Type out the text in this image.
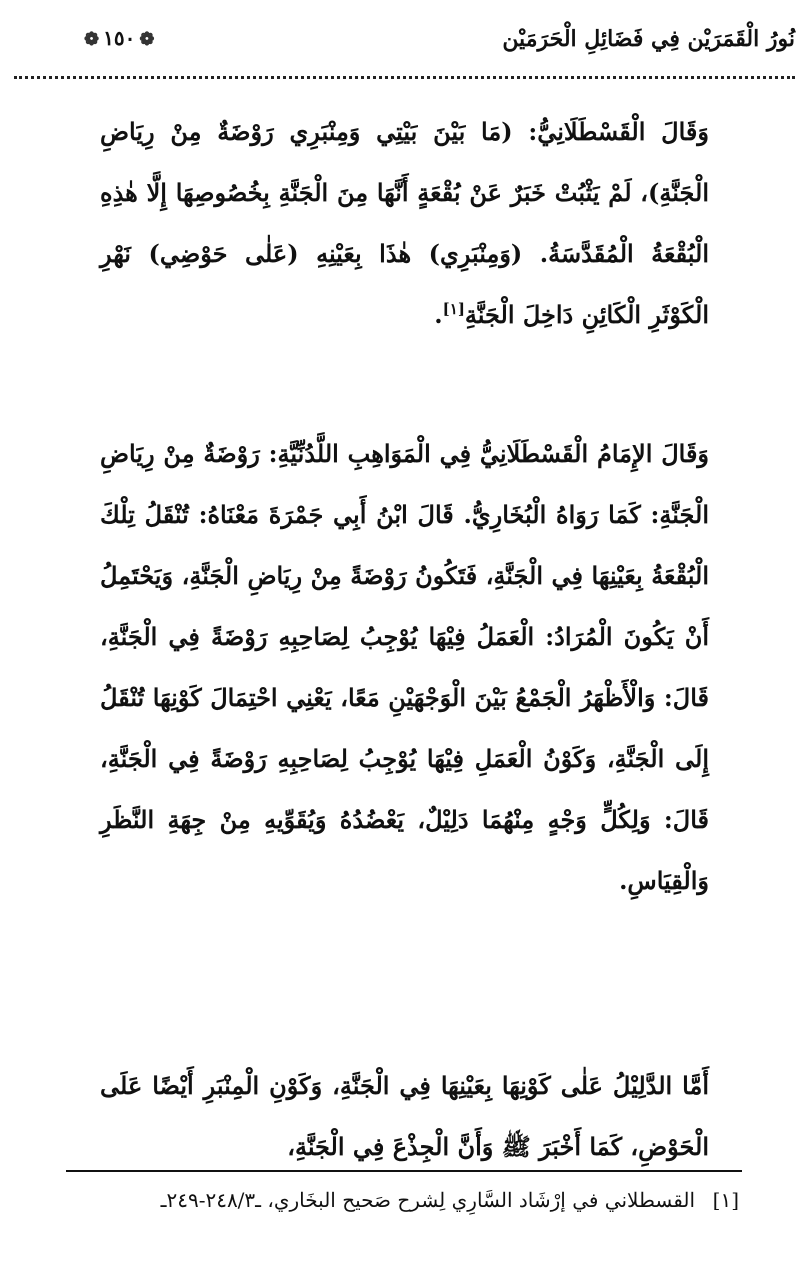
نُورُ الْقَمَرَيْن فِي فَضَائِلِ الْحَرَمَيْن
❁١٥٠❁

وَقَالَ الْقَسْطَلَانِيُّ: (مَا بَيْنَ بَيْتِي وَمِنْبَرِي رَوْضَةٌ مِنْ رِيَاضِ الْجَنَّةِ)، لَمْ يَثْبُتْ خَبَرٌ عَنْ بُقْعَةٍ أَنَّهَا مِنَ الْجَنَّةِ بِخُصُوصِهَا إِلَّا هٰذِهِ الْبُقْعَةُ الْمُقَدَّسَةُ. (وَمِنْبَرِي) هٰذَا بِعَيْنِهِ (عَلٰى حَوْضِي) نَهْرِ الْكَوْثَرِ الْكَائِنِ دَاخِلَ الْجَنَّةِ[١].

وَقَالَ الإِمَامُ الْقَسْطَلَانِيُّ فِي الْمَوَاهِبِ اللَّدُنِّيَّةِ: رَوْضَةٌ مِنْ رِيَاضِ الْجَنَّةِ: كَمَا رَوَاهُ الْبُخَارِيُّ. قَالَ ابْنُ أَبِي جَمْرَةَ مَعْنَاهُ: تُنْقَلُ تِلْكَ الْبُقْعَةُ بِعَيْنِهَا فِي الْجَنَّةِ، فَتَكُونُ رَوْضَةً مِنْ رِيَاضِ الْجَنَّةِ، وَيَحْتَمِلُ أَنْ يَكُونَ الْمُرَادُ: الْعَمَلُ فِيْهَا يُوْجِبُ لِصَاحِبِهِ رَوْضَةً فِي الْجَنَّةِ، قَالَ: وَالْأَظْهَرُ الْجَمْعُ بَيْنَ الْوَجْهَيْنِ مَعًا، يَعْنِي احْتِمَالَ كَوْنِهَا تُنْقَلُ إِلَى الْجَنَّةِ، وَكَوْنُ الْعَمَلِ فِيْهَا يُوْجِبُ لِصَاحِبِهِ رَوْضَةً فِي الْجَنَّةِ، قَالَ: وَلِكُلٍّ وَجْهٍ مِنْهُمَا دَلِيْلٌ، يَعْضُدُهُ وَيُقَوِّيهِ مِنْ جِهَةِ النَّظَرِ وَالْقِيَاسِ.

أَمَّا الدَّلِيْلُ عَلٰى كَوْنِهَا بِعَيْنِهَا فِي الْجَنَّةِ، وَكَوْنِ الْمِنْبَرِ أَيْضًا عَلَى الْحَوْضِ، كَمَا أَخْبَرَ ﷺ وَأَنَّ الْجِذْعَ فِي الْجَنَّةِ،

[١]
القسطلاني في إرْشَاد السَّارِي لِشرح صَحيح البخَاري، ـ٢٤٨/٣-٢٤٩ـ
